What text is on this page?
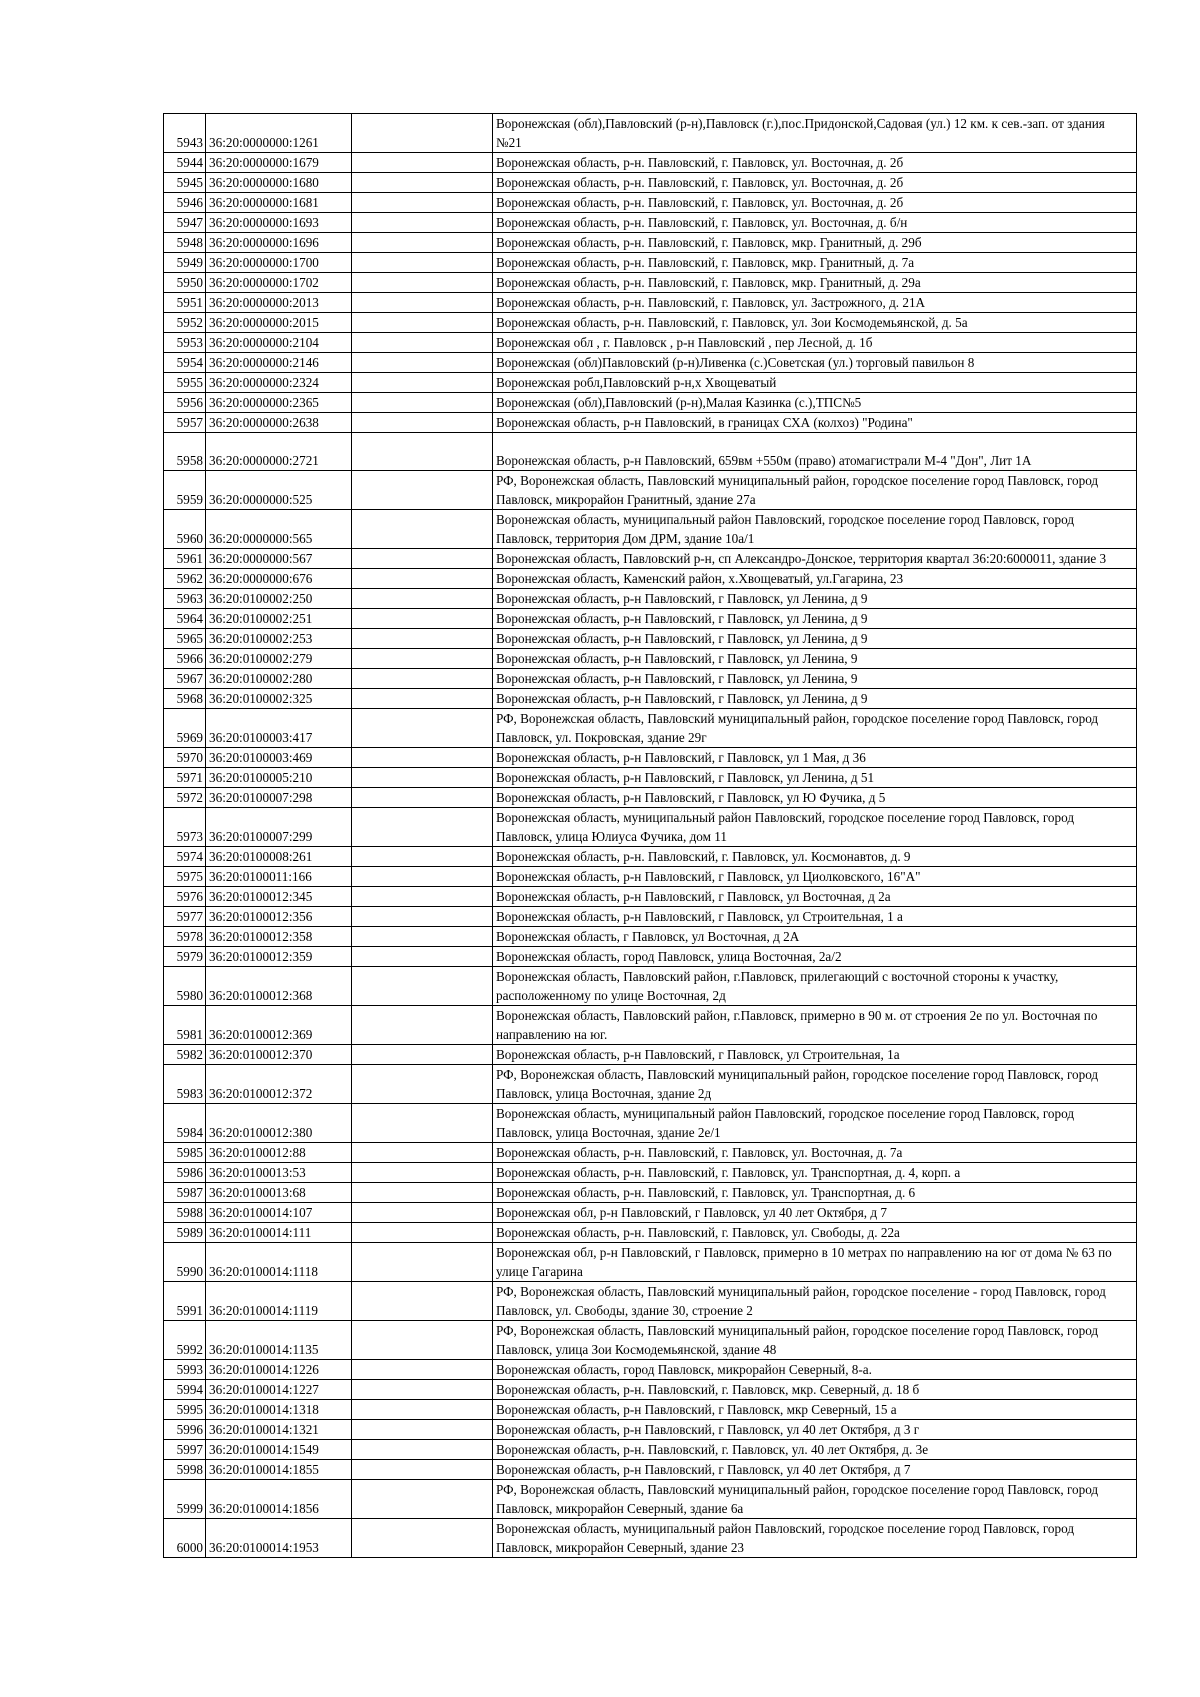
5943	36:20:0000000:1261		Воронежская (обл),Павловский (р-н),Павловск (г.),пос.Придонской,Садовая (ул.) 12 км. к сев.-зап. от здания №21
5944	36:20:0000000:1679		Воронежская область, р-н. Павловский, г. Павловск, ул. Восточная, д. 2б
5945	36:20:0000000:1680		Воронежская область, р-н. Павловский, г. Павловск, ул. Восточная, д. 2б
5946	36:20:0000000:1681		Воронежская область, р-н. Павловский, г. Павловск, ул. Восточная, д. 2б
5947	36:20:0000000:1693		Воронежская область, р-н. Павловский, г. Павловск, ул. Восточная, д. б/н
5948	36:20:0000000:1696		Воронежская область, р-н. Павловский, г. Павловск, мкр. Гранитный, д. 29б
5949	36:20:0000000:1700		Воронежская область, р-н. Павловский, г. Павловск, мкр. Гранитный, д. 7а
5950	36:20:0000000:1702		Воронежская область, р-н. Павловский, г. Павловск, мкр. Гранитный, д. 29а
5951	36:20:0000000:2013		Воронежская область, р-н. Павловский, г. Павловск, ул. Застрожного, д. 21А
5952	36:20:0000000:2015		Воронежская область, р-н. Павловский, г. Павловск, ул. Зои Космодемьянской, д. 5а
5953	36:20:0000000:2104		Воронежская обл , г. Павловск , р-н Павловский , пер Лесной, д. 1б
5954	36:20:0000000:2146		Воронежская (обл)Павловский (р-н)Ливенка (с.)Советская (ул.) торговый павильон 8
5955	36:20:0000000:2324		Воронежская робл,Павловский р-н,х Хвощеватый
5956	36:20:0000000:2365		Воронежская (обл),Павловский (р-н),Малая Казинка (с.),ТПС№5
5957	36:20:0000000:2638		Воронежская область, р-н Павловский, в границах СХА (колхоз) "Родина"
5958	36:20:0000000:2721		Воронежская область, р-н Павловский, 659вм +550м (право) атомагистрали М-4 "Дон", Лит 1А
5959	36:20:0000000:525		РФ, Воронежская область, Павловский муниципальный район, городское поселение город Павловск, город Павловск, микрорайон Гранитный, здание 27а
5960	36:20:0000000:565		Воронежская область, муниципальный район Павловский, городское поселение город Павловск, город Павловск, территория Дом ДРМ, здание 10а/1
5961	36:20:0000000:567		Воронежская область, Павловский р-н, сп Александро-Донское, территория квартал 36:20:6000011, здание 3
5962	36:20:0000000:676		Воронежская область, Каменский район, х.Хвощеватый, ул.Гагарина, 23
5963	36:20:0100002:250		Воронежская область, р-н Павловский, г Павловск, ул Ленина, д 9
5964	36:20:0100002:251		Воронежская область, р-н Павловский, г Павловск, ул Ленина, д 9
5965	36:20:0100002:253		Воронежская область, р-н Павловский, г Павловск, ул Ленина, д 9
5966	36:20:0100002:279		Воронежская область, р-н Павловский, г Павловск, ул Ленина, 9
5967	36:20:0100002:280		Воронежская область, р-н Павловский, г Павловск, ул Ленина, 9
5968	36:20:0100002:325		Воронежская область, р-н Павловский, г Павловск, ул Ленина, д 9
5969	36:20:0100003:417		РФ, Воронежская область, Павловский муниципальный район, городское поселение город Павловск, город Павловск, ул. Покровская, здание 29г
5970	36:20:0100003:469		Воронежская область, р-н Павловский, г Павловск, ул 1 Мая, д 36
5971	36:20:0100005:210		Воронежская область, р-н Павловский, г Павловск, ул Ленина, д 51
5972	36:20:0100007:298		Воронежская область, р-н Павловский, г Павловск, ул Ю Фучика, д 5
5973	36:20:0100007:299		Воронежская область, муниципальный район Павловский, городское поселение город Павловск, город Павловск, улица Юлиуса Фучика, дом 11
5974	36:20:0100008:261		Воронежская область, р-н. Павловский, г. Павловск, ул. Космонавтов, д. 9
5975	36:20:0100011:166		Воронежская область, р-н Павловский, г Павловск, ул Циолковского, 16"А"
5976	36:20:0100012:345		Воронежская область, р-н Павловский, г Павловск, ул Восточная, д 2а
5977	36:20:0100012:356		Воронежская область, р-н Павловский, г Павловск, ул Строительная, 1 а
5978	36:20:0100012:358		Воронежская область, г Павловск, ул Восточная, д 2А
5979	36:20:0100012:359		Воронежская область, город Павловск, улица Восточная, 2а/2
5980	36:20:0100012:368		Воронежская область, Павловский район, г.Павловск, прилегающий с восточной стороны к участку, расположенному по улице Восточная, 2д
5981	36:20:0100012:369		Воронежская область, Павловский район, г.Павловск, примерно в 90 м. от строения 2е по ул. Восточная по направлению на юг.
5982	36:20:0100012:370		Воронежская область, р-н Павловский, г Павловск, ул Строительная, 1а
5983	36:20:0100012:372		РФ, Воронежская область, Павловский муниципальный район, городское поселение город Павловск, город Павловск, улица Восточная, здание 2д
5984	36:20:0100012:380		Воронежская область, муниципальный район Павловский, городское поселение город Павловск, город Павловск, улица Восточная, здание 2е/1
5985	36:20:0100012:88		Воронежская область, р-н. Павловский, г. Павловск, ул. Восточная, д. 7а
5986	36:20:0100013:53		Воронежская область, р-н. Павловский, г. Павловск, ул. Транспортная, д. 4, корп. а
5987	36:20:0100013:68		Воронежская область, р-н. Павловский, г. Павловск, ул. Транспортная, д. 6
5988	36:20:0100014:107		Воронежская обл, р-н Павловский, г Павловск, ул 40 лет Октября, д 7
5989	36:20:0100014:111		Воронежская область, р-н. Павловский, г. Павловск, ул. Свободы, д. 22а
5990	36:20:0100014:1118		Воронежская обл, р-н Павловский, г Павловск, примерно в 10 метрах по направлению на юг от дома № 63 по улице Гагарина
5991	36:20:0100014:1119		РФ, Воронежская область, Павловский муниципальный район, городское поселение - город Павловск, город Павловск, ул. Свободы, здание 30, строение 2
5992	36:20:0100014:1135		РФ, Воронежская область, Павловский муниципальный район, городское поселение город Павловск, город Павловск, улица Зои Космодемьянской, здание 48
5993	36:20:0100014:1226		Воронежская область, город Павловск, микрорайон Северный, 8-а.
5994	36:20:0100014:1227		Воронежская область, р-н. Павловский, г. Павловск, мкр. Северный, д. 18 б
5995	36:20:0100014:1318		Воронежская область, р-н Павловский, г Павловск, мкр Северный, 15 а
5996	36:20:0100014:1321		Воронежская область, р-н Павловский, г Павловск, ул 40 лет Октября, д 3 г
5997	36:20:0100014:1549		Воронежская область, р-н. Павловский, г. Павловск, ул. 40 лет Октября, д. 3е
5998	36:20:0100014:1855		Воронежская область, р-н Павловский, г Павловск, ул 40 лет Октября, д 7
5999	36:20:0100014:1856		РФ, Воронежская область, Павловский муниципальный район, городское поселение город Павловск, город Павловск, микрорайон Северный, здание 6а
6000	36:20:0100014:1953		Воронежская область, муниципальный район Павловский, городское поселение город Павловск, город Павловск, микрорайон Северный, здание 23
